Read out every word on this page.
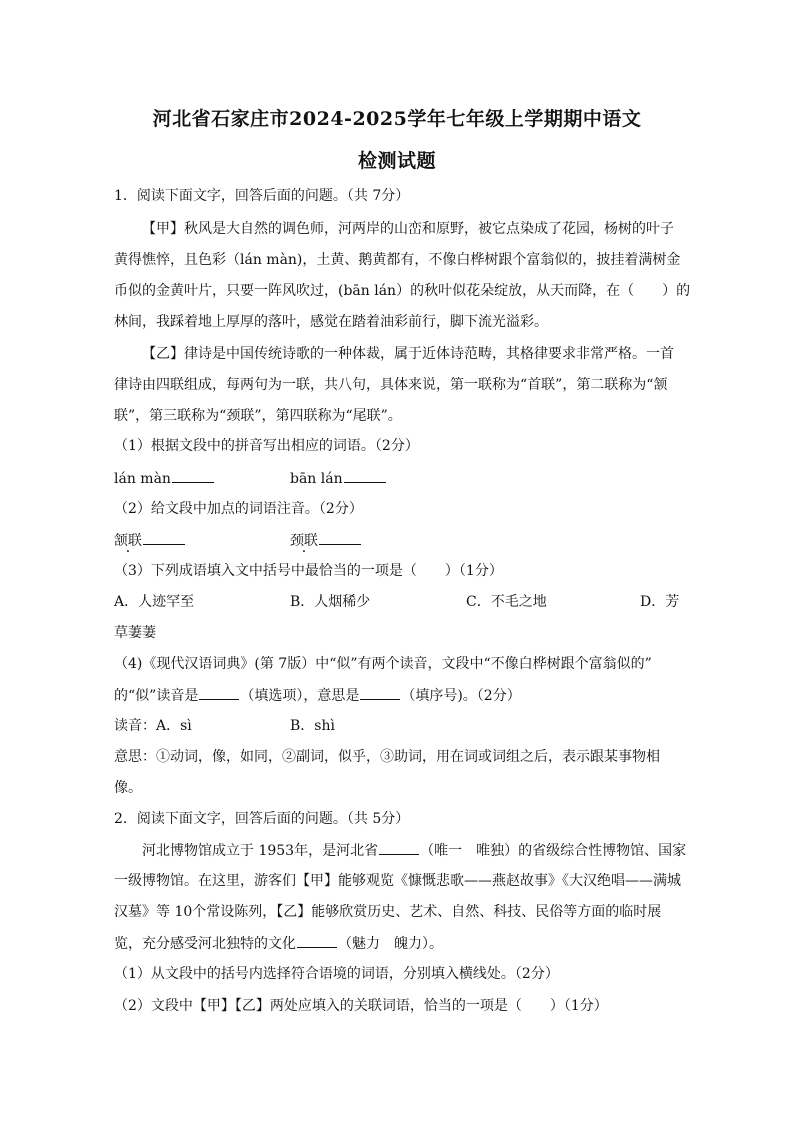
河北省石家庄市2024-2025学年七年级上学期期中语文
检测试题
1．阅读下面文字，回答后面的问题。（共 7分）
【甲】秋风是大自然的调色师，河两岸的山峦和原野，被它点染成了花园，杨树的叶子
黄得憔悴，且色彩（lán màn)，土黄、鹅黄都有，不像白桦树跟个富翁似的，披挂着满树金
币似的金黄叶片，只要一阵风吹过，(bān lán）的秋叶似花朵绽放，从天而降，在（　　）的
林间，我踩着地上厚厚的落叶，感觉在踏着油彩前行，脚下流光溢彩。
【乙】律诗是中国传统诗歌的一种体裁，属于近体诗范畴，其格律要求非常严格。一首
律诗由四联组成，每两句为一联，共八句，具体来说，第一联称为“首联”，第二联称为“颔
联”，第三联称为“颈联”，第四联称为“尾联”。
（1）根据文段中的拼音写出相应的词语。（2分）
lán màn	bān lán
（2）给文段中加点的词语注音。（2分）
颔联	颈联
（3）下列成语填入文中括号中最恰当的一项是（　　）（1分）
A．人迹罕至	B．人烟稀少	C．不毛之地	D．芳
草萋萋
（4)《现代汉语词典》(第 7版）中“似”有两个读音，文段中“不像白桦树跟个富翁似的”
的“似”读音是	（填选项），意思是	（填序号)。（2分）
读音：A．sì	B．shì
意思：①动词，像，如同，②副词，似乎，③助词，用在词或词组之后，表示跟某事物相
像。
2．阅读下面文字，回答后面的问题。（共 5分）
河北博物馆成立于 1953年，是河北省	（唯一　唯独）的省级综合性博物馆、国家
一级博物馆。在这里，游客们【甲】能够观览《慷慨悲歌——燕赵故事》《大汉绝唱——满城
汉墓》等 10个常设陈列，【乙】能够欣赏历史、艺术、自然、科技、民俗等方面的临时展
览，充分感受河北独特的文化	（魅力　魄力）。
（1）从文段中的括号内选择符合语境的词语，分别填入横线处。（2分）
（2）文段中【甲】【乙】两处应填入的关联词语，恰当的一项是（　　）（1分）
